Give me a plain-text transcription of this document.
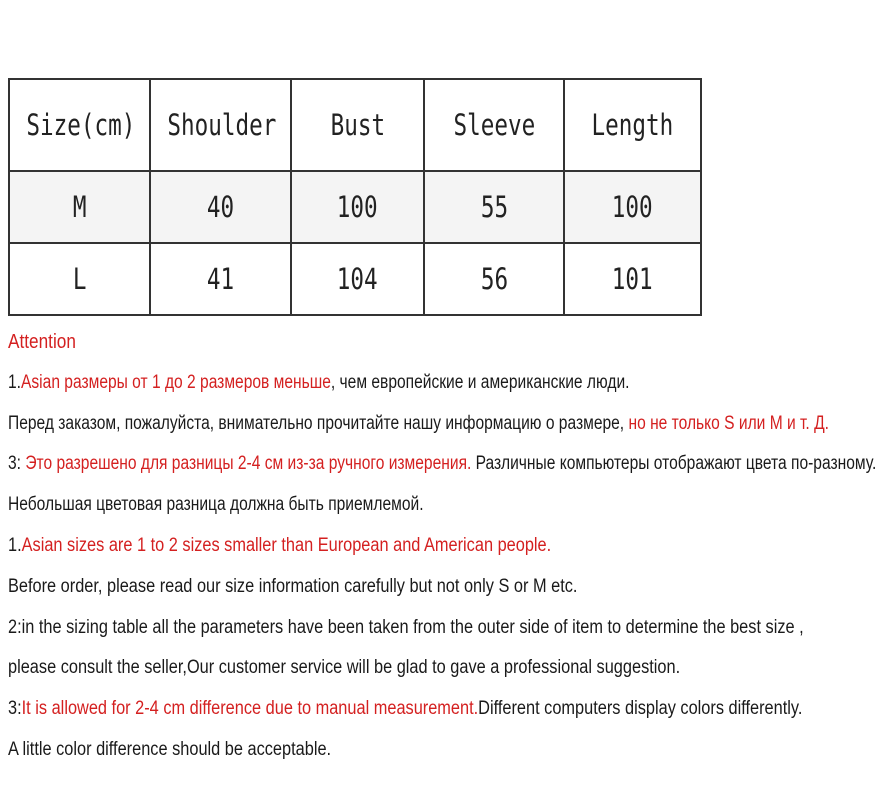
Size(cm)	Shoulder	Bust	Sleeve	Length
M	40	100	55	100
L	41	104	56	101
Attention
1.Asian размеры от 1 до 2 размеров меньше, чем европейские и американские люди.
Перед заказом, пожалуйста, внимательно прочитайте нашу информацию о размере, но не только S или M и т. Д.
3: Это разрешено для разницы 2-4 см из-за ручного измерения. Различные компьютеры отображают цвета по-разному.
Небольшая цветовая разница должна быть приемлемой.
1.Asian sizes are 1 to 2 sizes smaller than European and American people.
Before order, please read our size information carefully but not only S or M etc.
2:in the sizing table all the parameters have been taken from the outer side of item to determine the best size ,
please consult the seller,Our customer service will be glad to gave a professional suggestion.
3:It is allowed for 2-4 cm difference due to manual measurement.Different computers display colors differently.
A little color difference should be acceptable.
